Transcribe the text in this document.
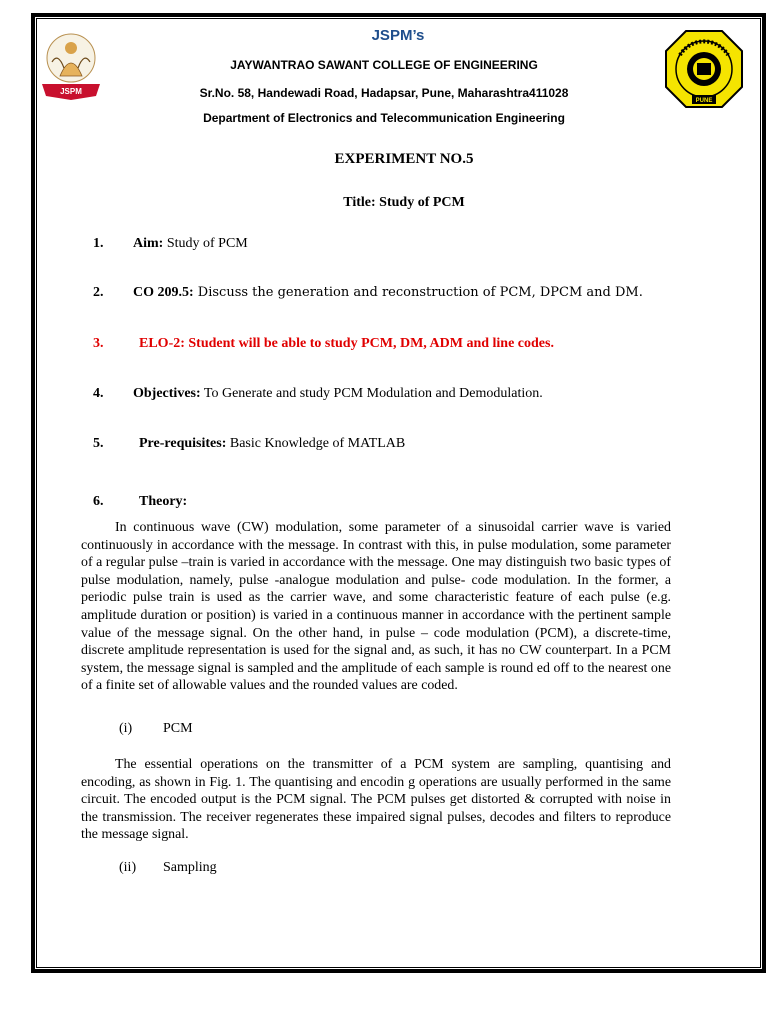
JSPM
PUNE
JSPM’s
JAYWANTRAO SAWANT COLLEGE OF ENGINEERING
Sr.No. 58, Handewadi Road, Hadapsar, Pune, Maharashtra411028
Department of Electronics and Telecommunication Engineering
EXPERIMENT NO.5
Title: Study of PCM
1. Aim: Study of PCM
2. CO 209.5: Discuss the generation and reconstruction of PCM, DPCM and DM.
3.	ELO-2: Student will be able to study PCM, DM, ADM and line codes.
4. Objectives: To Generate and study PCM Modulation and Demodulation.
5.	Pre-requisites: Basic Knowledge of MATLAB
6.	Theory:

In continuous wave (CW) modulation, some parameter of a sinusoidal carrier wave is varied continuously in accordance with the message. In contrast with this, in pulse modulation, some parameter of a regular pulse –train is varied in accordance with the message. One may distinguish two basic types of pulse modulation, namely, pulse -analogue modulation and pulse- code modulation. In the former, a periodic pulse train is used as the carrier wave, and some characteristic feature of each pulse (e.g. amplitude duration or position) is varied in a continuous manner in accordance with the pertinent sample value of the message signal. On the other hand, in pulse – code modulation (PCM), a discrete-time, discrete amplitude representation is used for the signal and, as such, it has no CW counterpart. In a PCM system, the message signal is sampled and the amplitude of each sample is round ed off to the nearest one of a finite set of allowable values and the rounded values are coded.

(i) PCM

The essential operations on the transmitter of a PCM system are sampling, quantising and encoding, as shown in Fig. 1. The quantising and encodin g operations are usually performed in the same circuit. The encoded output is the PCM signal. The PCM pulses get distorted & corrupted with noise in the transmission. The receiver regenerates these impaired signal pulses, decodes and filters to reproduce the message signal.

(ii) Sampling
